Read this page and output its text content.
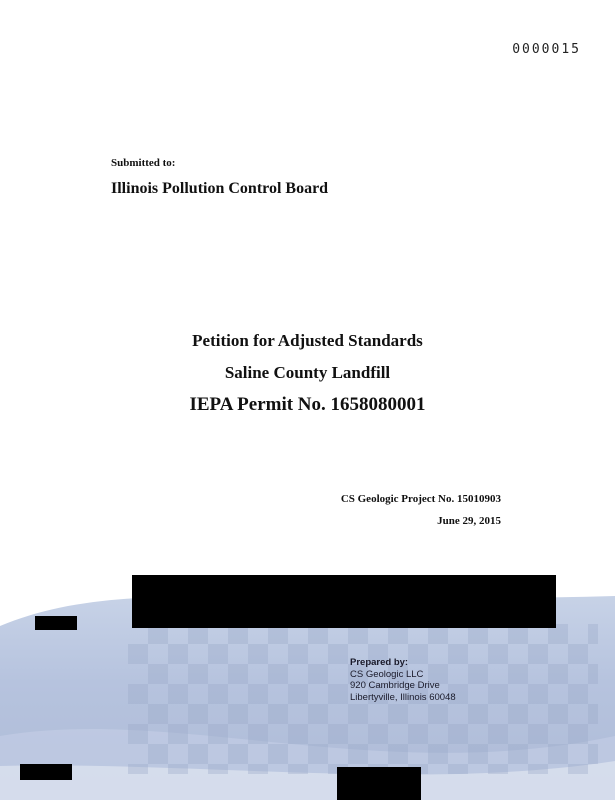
0000015
Submitted to:
Illinois Pollution Control Board
Petition for Adjusted Standards
Saline County Landfill
IEPA Permit No. 1658080001
CS Geologic Project No. 15010903
June 29, 2015
Prepared by:
CS Geologic LLC
920 Cambridge Drive
Libertyville, Illinois 60048
